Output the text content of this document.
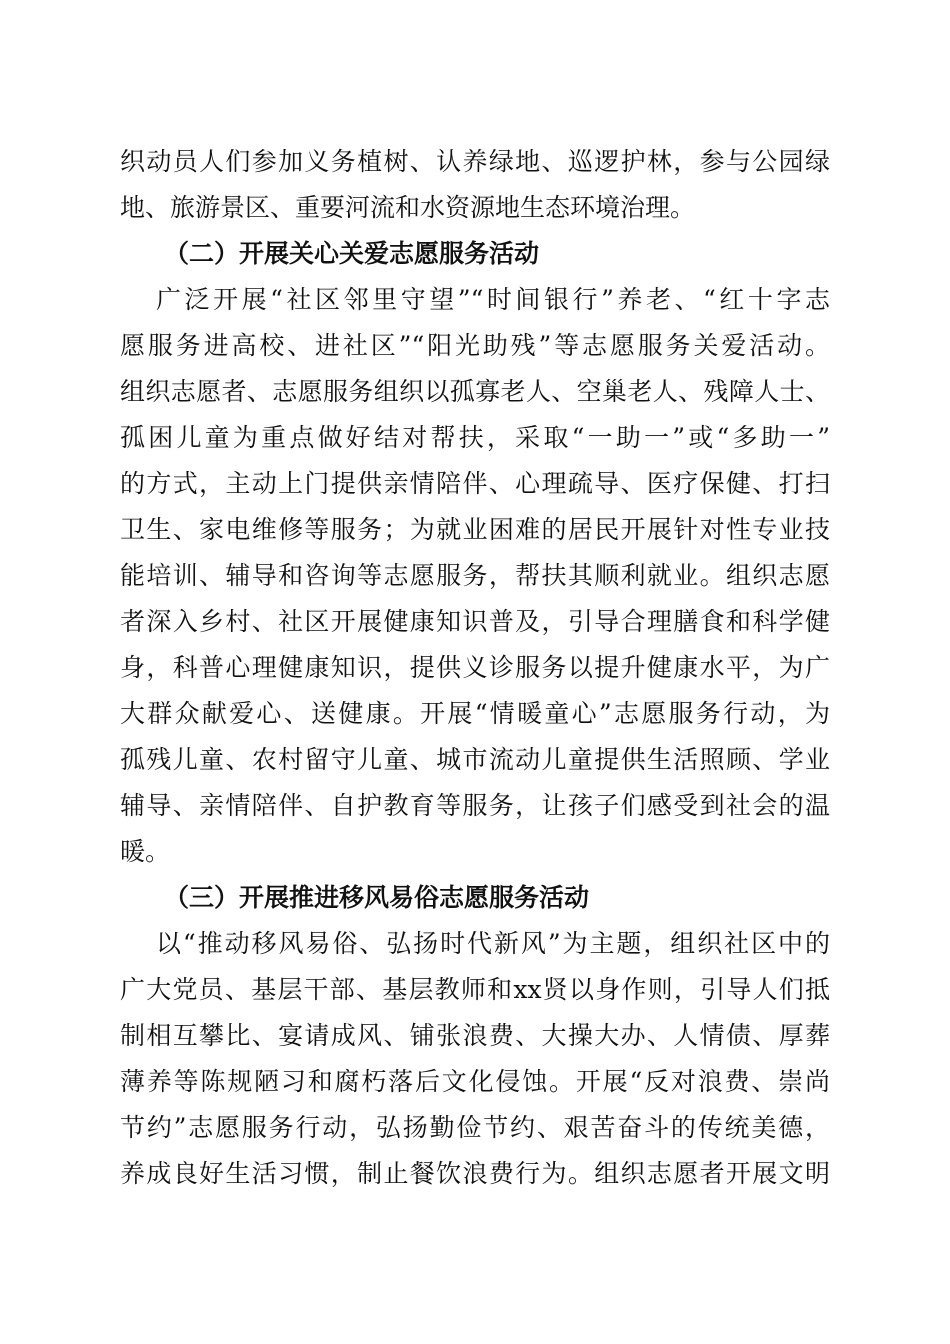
织动员人们参加义务植树、认养绿地、巡逻护林，参与公园绿
地、旅游景区、重要河流和水资源地生态环境治理。
（二）开展关心关爱志愿服务活动
广泛开展“社区邻里守望”“时间银行”养老、“红十字志
愿服务进高校、进社区”“阳光助残”等志愿服务关爱活动。
组织志愿者、志愿服务组织以孤寡老人、空巢老人、残障人士、
孤困儿童为重点做好结对帮扶，采取“一助一”或“多助一”
的方式，主动上门提供亲情陪伴、心理疏导、医疗保健、打扫
卫生、家电维修等服务；为就业困难的居民开展针对性专业技
能培训、辅导和咨询等志愿服务，帮扶其顺利就业。组织志愿
者深入乡村、社区开展健康知识普及，引导合理膳食和科学健
身，科普心理健康知识，提供义诊服务以提升健康水平，为广
大群众献爱心、送健康。开展“情暖童心”志愿服务行动，为
孤残儿童、农村留守儿童、城市流动儿童提供生活照顾、学业
辅导、亲情陪伴、自护教育等服务，让孩子们感受到社会的温
暖。
（三）开展推进移风易俗志愿服务活动
以“推动移风易俗、弘扬时代新风”为主题，组织社区中的
广大党员、基层干部、基层教师和xx贤以身作则，引导人们抵
制相互攀比、宴请成风、铺张浪费、大操大办、人情债、厚葬
薄养等陈规陋习和腐朽落后文化侵蚀。开展“反对浪费、崇尚
节约”志愿服务行动，弘扬勤俭节约、艰苦奋斗的传统美德，
养成良好生活习惯，制止餐饮浪费行为。组织志愿者开展文明
